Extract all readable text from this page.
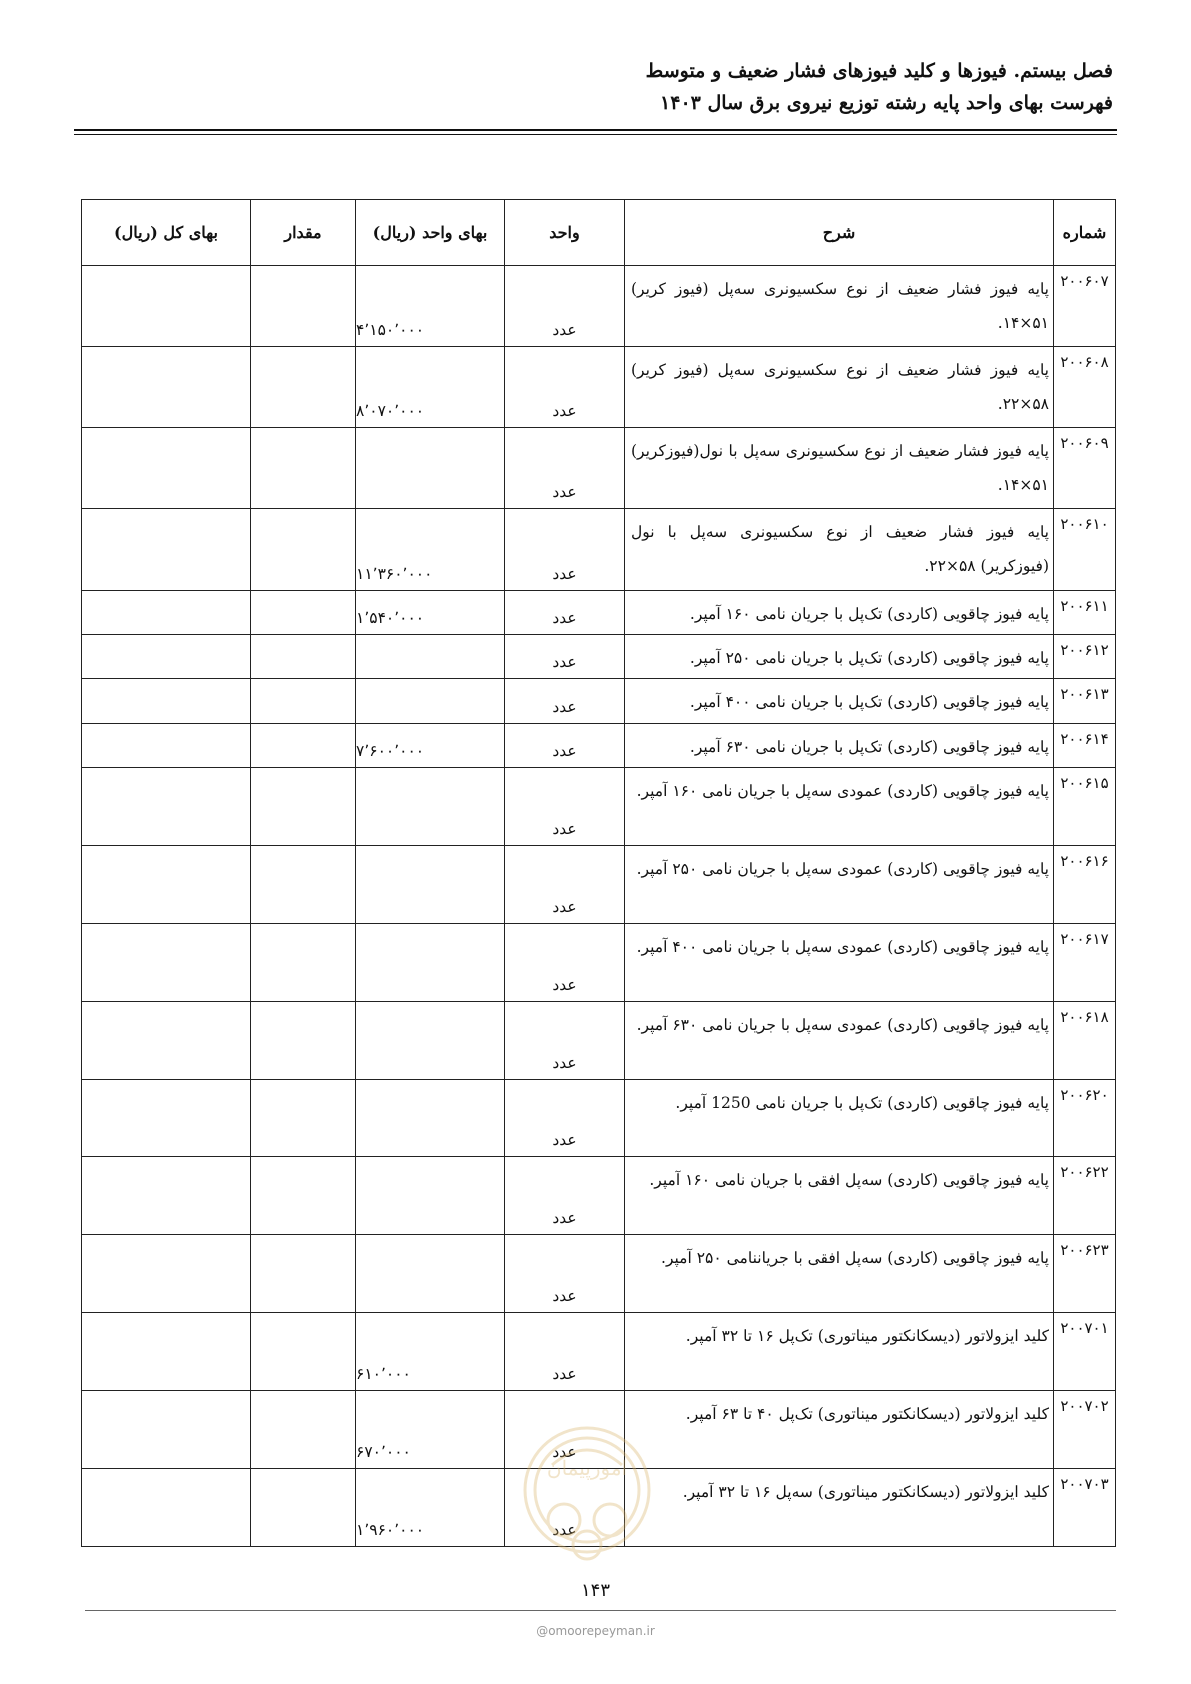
فصل بیستم. فیوزها و کلید فیوزهای فشار ضعیف و متوسط
فهرست بهای واحد پایه رشته توزیع نیروی برق سال ۱۴۰۳
شماره	شرح	واحد	بهای واحد (ریال)	مقدار	بهای کل (ریال)
۲۰۰۶۰۷	پایه فیوز فشار ضعیف از نوع سکسیونری سه‌پل (فیوز کریر) ۵۱×۱۴.	عدد	۴٬۱۵۰٬۰۰۰		
۲۰۰۶۰۸	پایه فیوز فشار ضعیف از نوع سکسیونری سه‌پل (فیوز کریر) ۵۸×۲۲.	عدد	۸٬۰۷۰٬۰۰۰		
۲۰۰۶۰۹	پایه فیوز فشار ضعیف از نوع سکسیونری سه‌پل با نول(فیوزکریر) ۵۱×۱۴.	عدد			
۲۰۰۶۱۰	پایه فیوز فشار ضعیف از نوع سکسیونری سه‌پل با نول (فیوزکریر) ۵۸×۲۲.	عدد	۱۱٬۳۶۰٬۰۰۰		
۲۰۰۶۱۱	پایه فیوز چاقویی (کاردی) تک‌پل با جریان نامی ۱۶۰ آمپر.	عدد	۱٬۵۴۰٬۰۰۰		
۲۰۰۶۱۲	پایه فیوز چاقویی (کاردی) تک‌پل با جریان نامی ۲۵۰ آمپر.	عدد			
۲۰۰۶۱۳	پایه فیوز چاقویی (کاردی) تک‌پل با جریان نامی ۴۰۰ آمپر.	عدد			
۲۰۰۶۱۴	پایه فیوز چاقویی (کاردی) تک‌پل با جریان نامی ۶۳۰ آمپر.	عدد	۷٬۶۰۰٬۰۰۰		
۲۰۰۶۱۵	پایه فیوز چاقویی (کاردی) عمودی سه‌پل با جریان نامی ۱۶۰ آمپر.	عدد			
۲۰۰۶۱۶	پایه فیوز چاقویی (کاردی) عمودی سه‌پل با جریان نامی ۲۵۰ آمپر.	عدد			
۲۰۰۶۱۷	پایه فیوز چاقویی (کاردی) عمودی سه‌پل با جریان نامی ۴۰۰ آمپر.	عدد			
۲۰۰۶۱۸	پایه فیوز چاقویی (کاردی) عمودی سه‌پل با جریان نامی ۶۳۰ آمپر.	عدد			
۲۰۰۶۲۰	پایه فیوز چاقویی (کاردی) تک‌پل با جریان نامی 1250 آمپر.	عدد			
۲۰۰۶۲۲	پایه فیوز چاقویی (کاردی) سه‌پل افقی با جریان نامی ۱۶۰ آمپر.	عدد			
۲۰۰۶۲۳	پایه فیوز چاقویی (کاردی) سه‌پل افقی با جریاننامی ۲۵۰ آمپر.	عدد			
۲۰۰۷۰۱	کلید ایزولاتور (دیسکانکتور میناتوری) تک‌پل ۱۶ تا ۳۲ آمپر.	عدد	۶۱۰٬۰۰۰		
۲۰۰۷۰۲	کلید ایزولاتور (دیسکانکتور میناتوری) تک‌پل ۴۰ تا ۶۳ آمپر.	عدد	۶۷۰٬۰۰۰		
۲۰۰۷۰۳	کلید ایزولاتور (دیسکانکتور میناتوری) سه‌پل ۱۶ تا ۳۲ آمپر.	عدد	۱٬۹۶۰٬۰۰۰		
امورپیمان
۱۴۳
@omoorepeyman.ir
